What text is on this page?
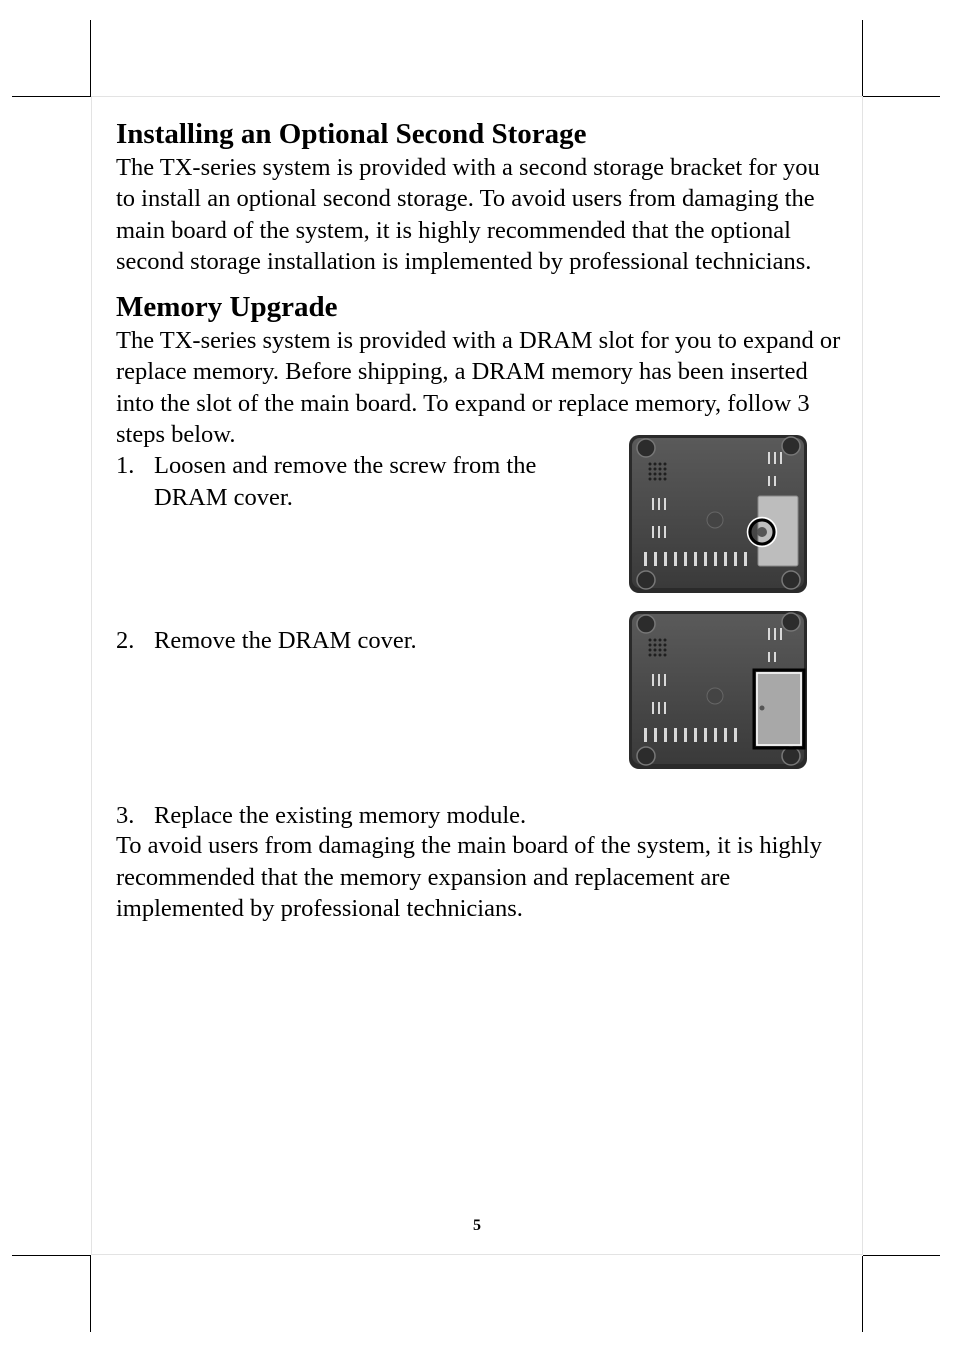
Installing an Optional Second Storage

The TX-series system is provided with a second storage bracket for you to install an optional second storage. To avoid users from damaging the main board of the system, it is highly recommended that the optional second storage installation is implemented by professional technicians.

Memory Upgrade

The TX-series system is provided with a DRAM slot for you to expand or replace memory. Before shipping, a DRAM memory has been inserted into the slot of the main board. To expand or replace memory, follow 3 steps below.

1. Loosen and remove the screw from the DRAM cover.
2. Remove the DRAM cover.
3. Replace the existing memory module.

To avoid users from damaging the main board of the system, it is highly recommended that the memory expansion and replacement are implemented by professional technicians.

5
